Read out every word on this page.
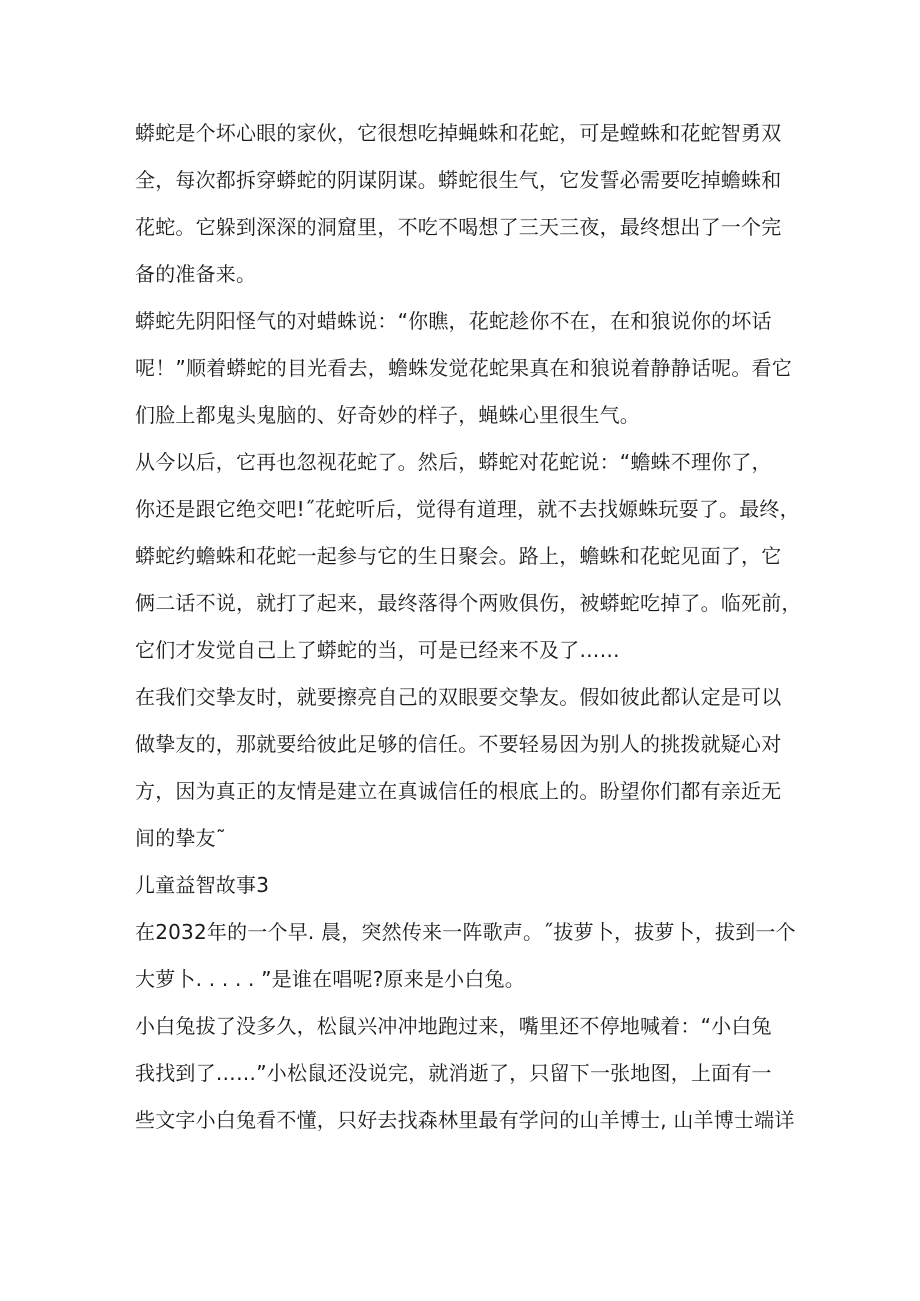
蟒蛇是个坏心眼的家伙，它很想吃掉蝇蛛和花蛇，可是螳蛛和花蛇智勇双
全，每次都拆穿蟒蛇的阴谋阴谋。蟒蛇很生气，它发誓必需要吃掉蟾蛛和
花蛇。它躲到深深的洞窟里，不吃不喝想了三天三夜，最终想出了一个完
备的准备来。
蟒蛇先阴阳怪气的对蜡蛛说：“你瞧，花蛇趁你不在，在和狼说你的坏话
呢！”顺着蟒蛇的目光看去，蟾蛛发觉花蛇果真在和狼说着静静话呢。看它
们脸上都鬼头鬼脑的、好奇妙的样子，蝇蛛心里很生气。
从今以后，它再也忽视花蛇了。然后，蟒蛇对花蛇说：“蟾蛛不理你了，
你还是跟它绝交吧!˝花蛇听后，觉得有道理，就不去找嫄蛛玩耍了。最终，
蟒蛇约蟾蛛和花蛇一起参与它的生日聚会。路上，蟾蛛和花蛇见面了，它
俩二话不说，就打了起来，最终落得个两败俱伤，被蟒蛇吃掉了。临死前，
它们才发觉自己上了蟒蛇的当，可是已经来不及了……
在我们交挚友时，就要擦亮自己的双眼要交挚友。假如彼此都认定是可以
做挚友的，那就要给彼此足够的信任。不要轻易因为别人的挑拨就疑心对
方，因为真正的友情是建立在真诚信任的根底上的。盼望你们都有亲近无
间的挚友˜
儿童益智故事3
在2032年的一个早. 晨，突然传来一阵歌声。˝拔萝卜，拔萝卜，拔到一个
大萝卜. . . . . ”是谁在唱呢?原来是小白兔。
小白兔拔了没多久，松鼠兴冲冲地跑过来，嘴里还不停地喊着：“小白兔
我找到了……”小松鼠还没说完，就消逝了，只留下一张地图，上面有一
些文字小白兔看不懂，只好去找森林里最有学问的山羊博士, 山羊博士端详
